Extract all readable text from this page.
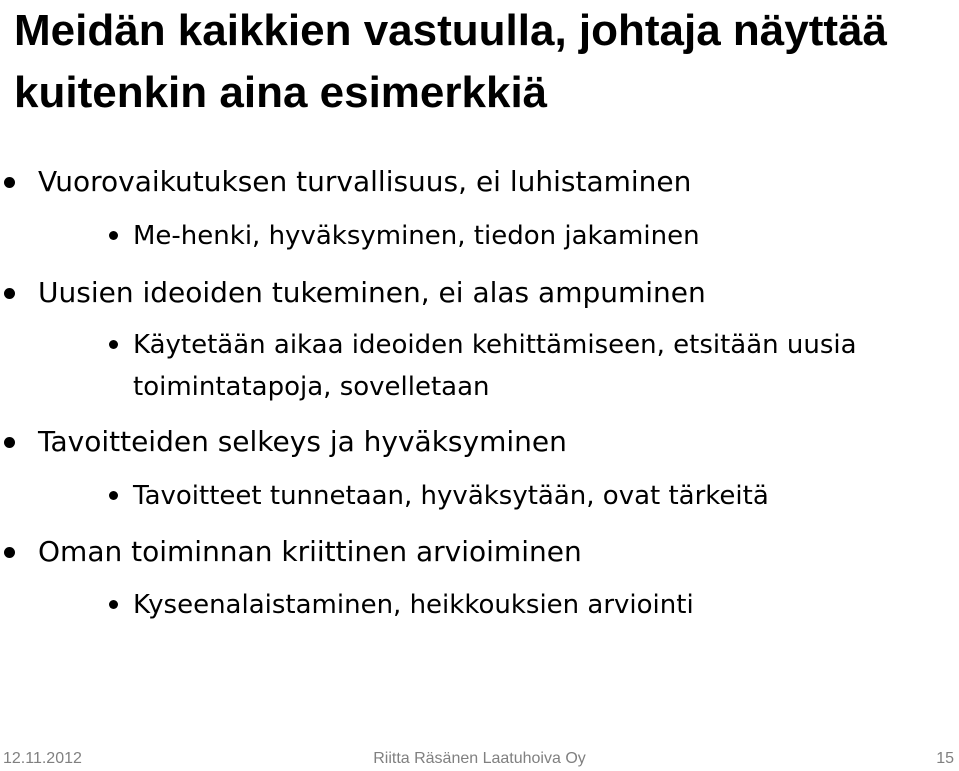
Meidän kaikkien vastuulla, johtaja näyttää kuitenkin aina esimerkkiä
Vuorovaikutuksen turvallisuus, ei luhistaminen
Me-henki, hyväksyminen, tiedon jakaminen
Uusien ideoiden tukeminen, ei alas ampuminen
Käytetään aikaa ideoiden kehittämiseen, etsitään uusia toimintatapoja, sovelletaan
Tavoitteiden selkeys ja hyväksyminen
Tavoitteet tunnetaan, hyväksytään, ovat tärkeitä
Oman toiminnan kriittinen arvioiminen
Kyseenalaistaminen, heikkouksien arviointi
12.11.2012	Riitta Räsänen Laatuhoiva Oy	15
